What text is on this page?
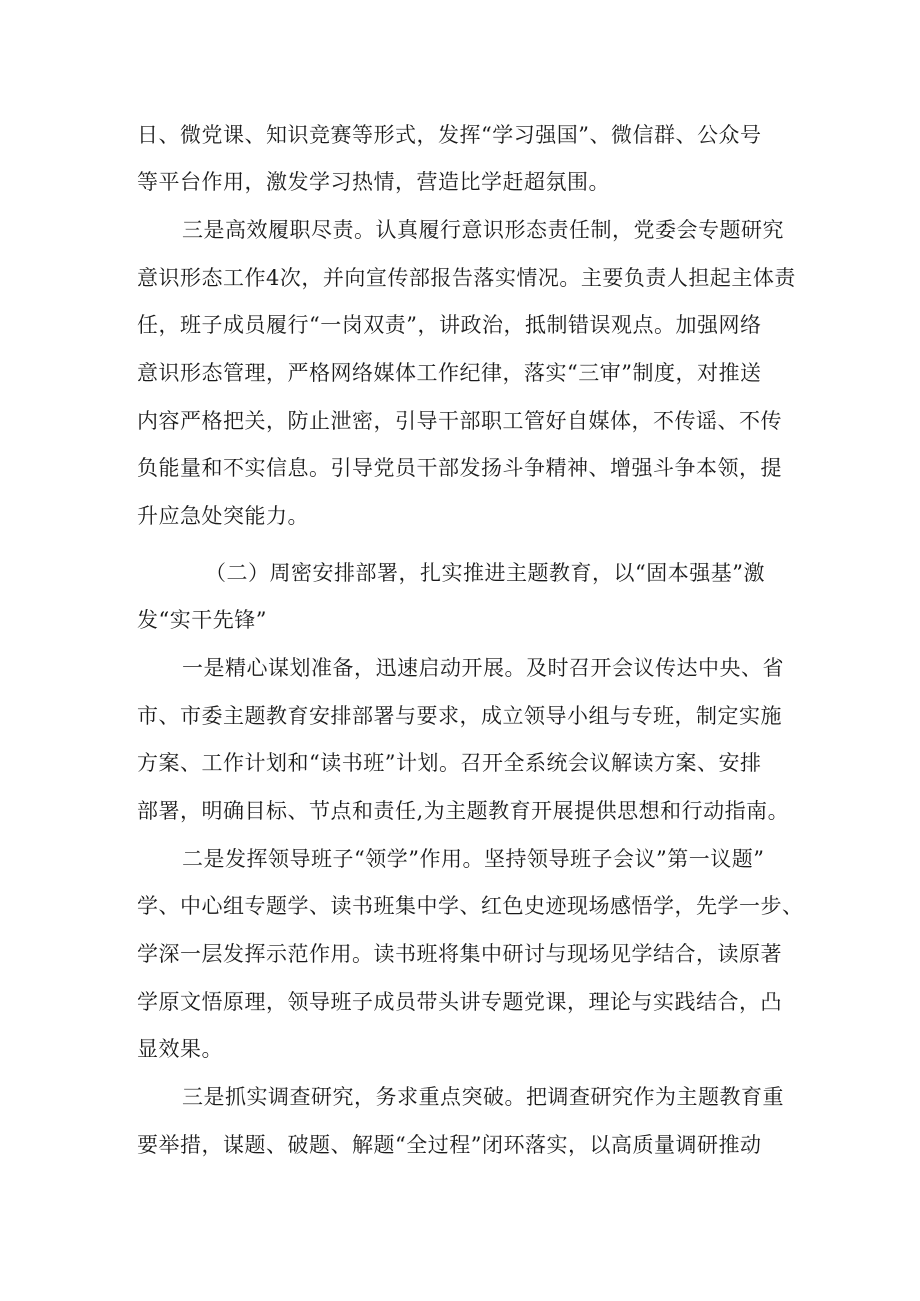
日、微党课、知识竞赛等形式，发挥“学习强国”、微信群、公众号
等平台作用，激发学习热情，营造比学赶超氛围。
三是高效履职尽责。认真履行意识形态责任制，党委会专题研究
意识形态工作4次，并向宣传部报告落实情况。主要负责人担起主体责
任，班子成员履行“一岗双责”，讲政治，抵制错误观点。加强网络
意识形态管理，严格网络媒体工作纪律，落实“三审”制度，对推送
内容严格把关，防止泄密，引导干部职工管好自媒体，不传谣、不传
负能量和不实信息。引导党员干部发扬斗争精神、增强斗争本领，提
升应急处突能力。
（二）周密安排部署，扎实推进主题教育，以“固本强基”激
发“实干先锋”
一是精心谋划准备，迅速启动开展。及时召开会议传达中央、省
市、市委主题教育安排部署与要求，成立领导小组与专班，制定实施
方案、工作计划和“读书班”计划。召开全系统会议解读方案、安排
部署，明确目标、节点和责任,为主题教育开展提供思想和行动指南。
二是发挥领导班子“领学”作用。坚持领导班子会议”第一议题”
学、中心组专题学、读书班集中学、红色史迹现场感悟学，先学一步、
学深一层发挥示范作用。读书班将集中研讨与现场见学结合，读原著
学原文悟原理，领导班子成员带头讲专题党课，理论与实践结合，凸
显效果。
三是抓实调查研究，务求重点突破。把调查研究作为主题教育重
要举措，谋题、破题、解题“全过程”闭环落实，以高质量调研推动
